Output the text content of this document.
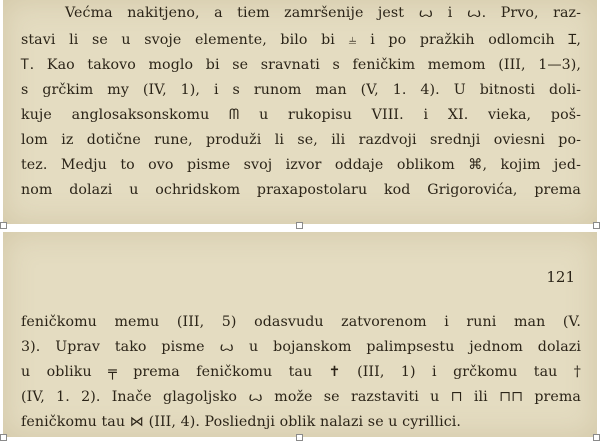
Većma nakitjeno, a tiem zamršenije jest ꙍ i ꙍ. Prvo, raz-
stavi li se u svoje elemente, bilo bi ⫨ i po pražkih odlomcih Ɪ,
Ꭲ. Kao takovo moglo bi se sravnati s feničkim memom (III, 1—3),
s grčkim my (IV, 1), i s runom man (V, 1. 4). U bitnosti doli-
kuje anglosaksonskomu ᗰ u rukopisu VIII. i XI. vieka, poš-
lom iz dotične rune, produži li se, ili razdvoji srednji oviesni po-
tez. Medju to ovo pisme svoj izvor oddaje oblikom ⌘, kojim jed-
nom dolazi u ochridskom praxapostolaru kod Grigorovića, prema
121
feničkomu memu (III, 5) odasvudu zatvorenom i runi man (V.
3). Uprav tako pisme ꙍ u bojanskom palimpsestu jednom dolazi
u obliku ╤ prema feničkomu tau ✝ (III, 1) i grčkomu tau †
(IV, 1. 2). Inače glagoljsko ꙍ može se razstaviti u ⊓ ili ⊓⊓ prema
feničkomu tau ⋈ (III, 4). Posliednji oblik nalazi se u cyrillici.
